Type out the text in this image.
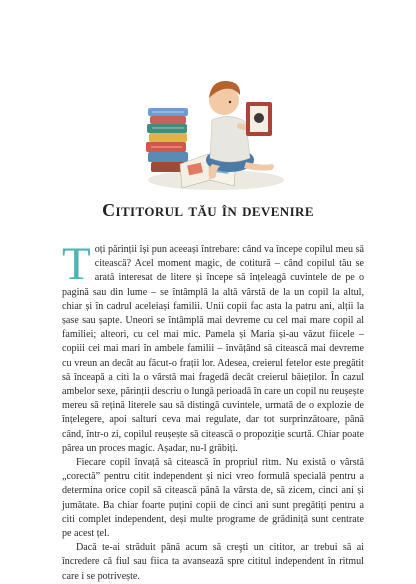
Cititorul tău în devenire

Toți părinții își pun aceeași întrebare: când va începe copilul meu să citească? Acel moment magic, de cotitură – când copilul tău se arată interesat de litere și începe să înțeleagă cuvintele de pe o pagină sau din lume – se întâmplă la altă vârstă de la un copil la altul, chiar și în cadrul aceleiași familii. Unii copii fac asta la patru ani, alții la șase sau șapte. Uneori se întâmplă mai devreme cu cel mai mare copil al familiei; alteori, cu cel mai mic. Pamela și Maria și-au văzut fiicele – copiii cei mai mari în ambele familii – învățând să citească mai devreme cu vreun an decât au făcut-o frații lor. Adesea, creierul fetelor este pregătit să înceapă a citi la o vârstă mai fragedă decât creierul băieților. În cazul ambelor sexe, părinții descriu o lungă perioadă în care un copil nu reușește mereu să rețină literele sau să distingă cuvintele, urmată de o explozie de înțelegere, apoi salturi ceva mai regulate, dar tot surprinzătoare, până când, într-o zi, copilul reușește să citească o propoziție scurtă. Chiar poate părea un proces magic. Așadar, nu-l grăbiți.

Fiecare copil învață să citească în propriul ritm. Nu există o vârstă „corectă” pentru citit independent și nici vreo formulă specială pentru a determina orice copil să citească până la vârsta de, să zicem, cinci ani și jumătate. Ba chiar foarte puțini copii de cinci ani sunt pregătiți pentru a citi complet independent, deși multe programe de grădiniță sunt centrate pe acest țel.

Dacă te-ai străduit până acum să creşti un cititor, ar trebui să ai încredere că fiul sau fiica ta avansează spre cititul independent în ritmul care i se potrivește.
